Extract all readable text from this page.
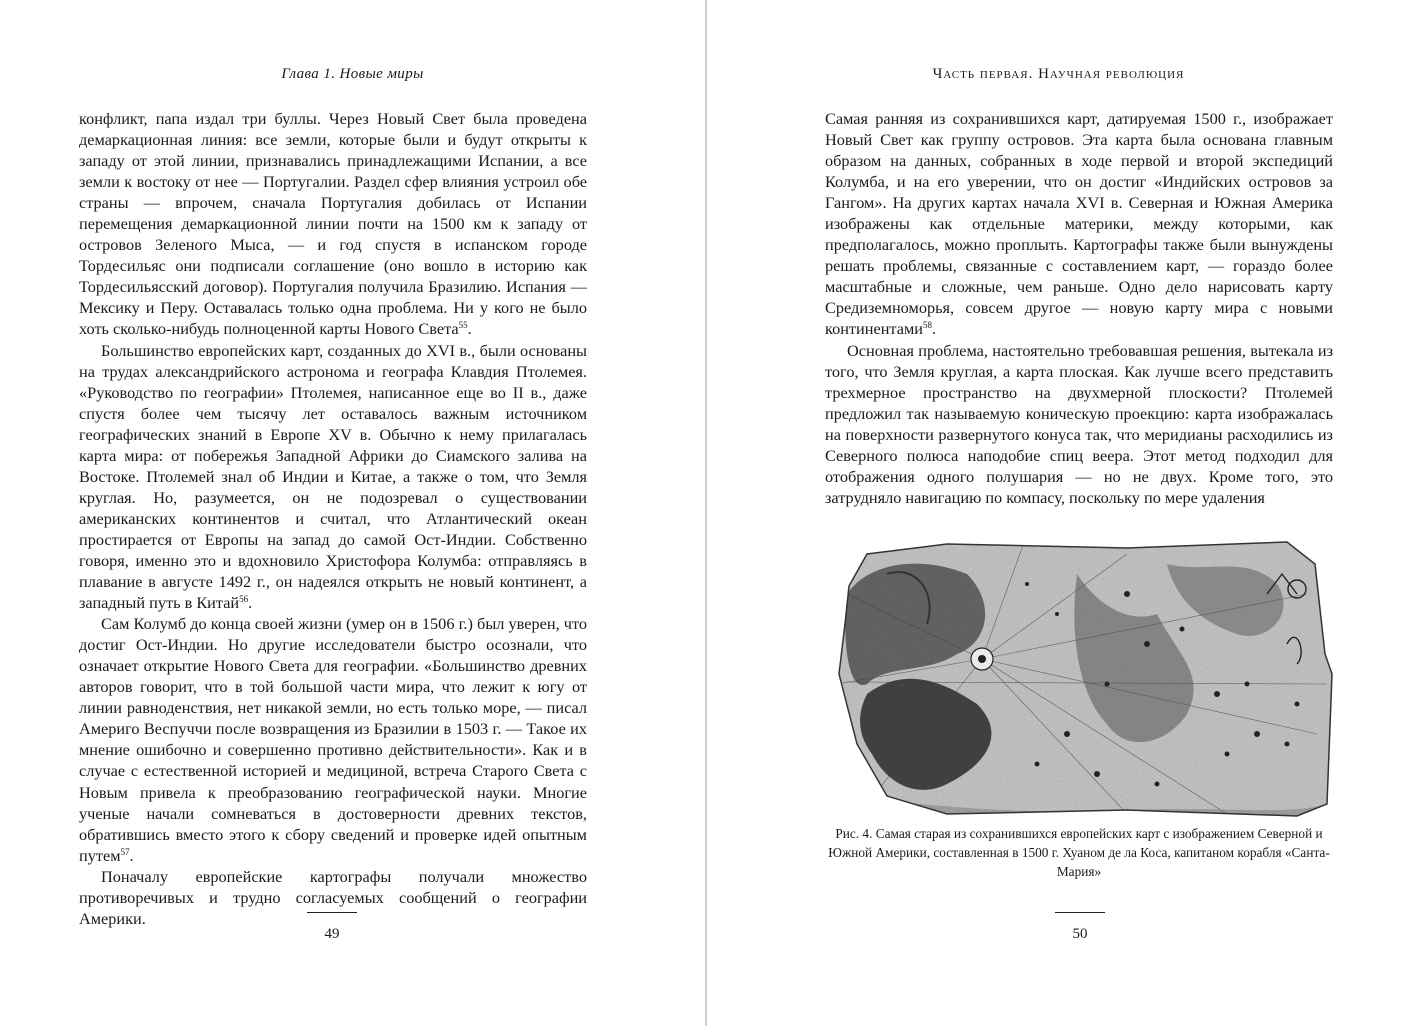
Глава 1. Новые миры

конфликт, папа издал три буллы. Через Новый Свет была проведена демаркационная линия: все земли, которые были и будут открыты к западу от этой линии, признавались принадлежащими Испании, а все земли к востоку от нее — Португалии. Раздел сфер влияния устроил обе страны — впрочем, сначала Португалия добилась от Испании перемещения демаркационной линии почти на 1500 км к западу от островов Зеленого Мыса, — и год спустя в испанском городе Тордесильяс они подписали соглашение (оно вошло в историю как Тордесильясский договор). Португалия получила Бразилию. Испания — Мексику и Перу. Оставалась только одна проблема. Ни у кого не было хоть сколько-нибудь полноценной карты Нового Света$^{55}$.

Большинство европейских карт, созданных до XVI в., были основаны на трудах александрийского астронома и географа Клавдия Птолемея. «Руководство по географии» Птолемея, написанное еще во II в., даже спустя более чем тысячу лет оставалось важным источником географических знаний в Европе XV в. Обычно к нему прилагалась карта мира: от побережья Западной Африки до Сиамского залива на Востоке. Птолемей знал об Индии и Китае, а также о том, что Земля круглая. Но, разумеется, он не подозревал о существовании американских континентов и считал, что Атлантический океан простирается от Европы на запад до самой Ост-Индии. Собственно говоря, именно это и вдохновило Христофора Колумба: отправляясь в плавание в августе 1492 г., он надеялся открыть не новый континент, а западный путь в Китай$^{56}$.

Сам Колумб до конца своей жизни (умер он в 1506 г.) был уверен, что достиг Ост-Индии. Но другие исследователи быстро осознали, что означает открытие Нового Света для географии. «Большинство древних авторов говорит, что в той большой части мира, что лежит к югу от линии равноденствия, нет никакой земли, но есть только море, — писал Америго Веспуччи после возвращения из Бразилии в 1503 г. — Такое их мнение ошибочно и совершенно противно действительности». Как и в случае с естественной историей и медициной, встреча Старого Света с Новым привела к преобразованию географической науки. Многие ученые начали сомневаться в достоверности древних текстов, обратившись вместо этого к сбору сведений и проверке идей опытным путем$^{57}$.

Поначалу европейские картографы получали множество противоречивых и трудно согласуемых сообщений о географии Америки.

49
Часть первая. Научная революция

Самая ранняя из сохранившихся карт, датируемая 1500 г., изображает Новый Свет как группу островов. Эта карта была основана главным образом на данных, собранных в ходе первой и второй экспедиций Колумба, и на его уверении, что он достиг «Индийских островов за Гангом». На других картах начала XVI в. Северная и Южная Америка изображены как отдельные материки, между которыми, как предполагалось, можно проплыть. Картографы также были вынуждены решать проблемы, связанные с составлением карт, — гораздо более масштабные и сложные, чем раньше. Одно дело нарисовать карту Средиземноморья, совсем другое — новую карту мира с новыми континентами$^{58}$.

Основная проблема, настоятельно требовавшая решения, вытекала из того, что Земля круглая, а карта плоская. Как лучше всего представить трехмерное пространство на двухмерной плоскости? Птолемей предложил так называемую коническую проекцию: карта изображалась на поверхности развернутого конуса так, что меридианы расходились из Северного полюса наподобие спиц веера. Этот метод подходил для отображения одного полушария — но не двух. Кроме того, это затрудняло навигацию по компасу, поскольку по мере удаления

Рис. 4. Самая старая из сохранившихся европейских карт с изображением Северной и Южной Америки, составленная в 1500 г. Хуаном де ла Коса, капитаном корабля «Санта-Мария»
50
